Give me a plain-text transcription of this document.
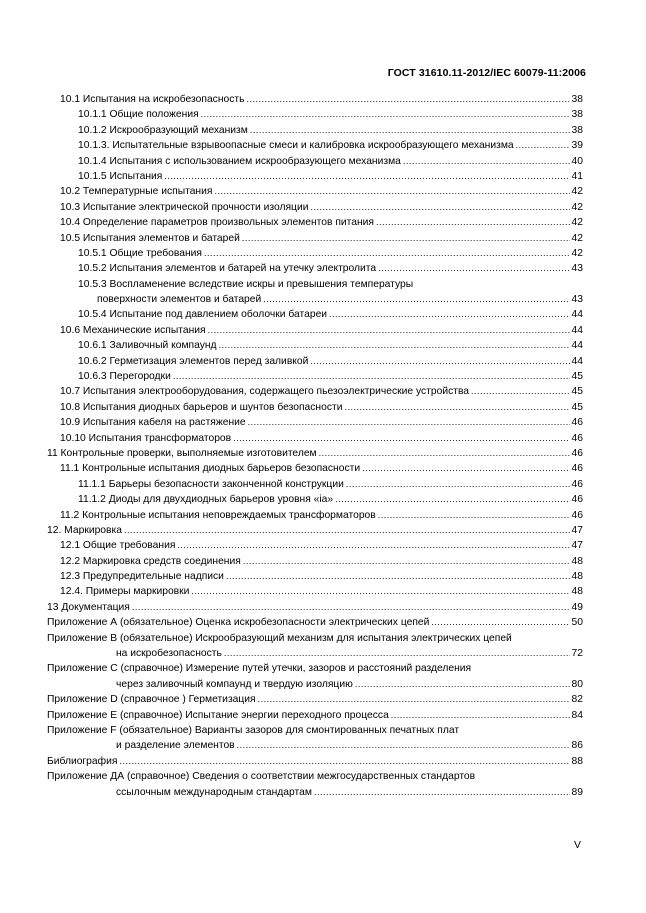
ГОСТ 31610.11-2012/IEC 60079-11:2006
10.1 Испытания на искробезопасность .....	38
10.1.1 Общие положения .....	38
10.1.2 Искрообразующий механизм .....	38
10.1.3. Испытательные взрывоопасные смеси и калибровка искрообразующего механизма .....	39
10.1.4 Испытания с использованием искрообразующего механизма .....	40
10.1.5 Испытания .....	41
10.2 Температурные испытания .....	42
10.3 Испытание электрической прочности изоляции .....	42
10.4 Определение параметров произвольных элементов питания .....	42
10.5 Испытания элементов и батарей .....	42
10.5.1 Общие требования .....	42
10.5.2 Испытания элементов и батарей на утечку электролита .....	43
10.5.3 Воспламенение вследствие искры и превышения температуры
поверхности элементов и батарей .....	43
10.5.4 Испытание под давлением оболочки батареи .....	44
10.6 Механические испытания .....	44
10.6.1 Заливочный компаунд .....	44
10.6.2 Герметизация элементов перед заливкой .....	44
10.6.3 Перегородки .....	45
10.7 Испытания электрооборудования, содержащего пьезоэлектрические устройства .....	45
10.8 Испытания диодных барьеров и шунтов безопасности .....	45
10.9 Испытания кабеля на растяжение .....	46
10.10 Испытания трансформаторов .....	46
11 Контрольные проверки, выполняемые изготовителем .....	46
11.1 Контрольные испытания диодных барьеров безопасности .....	46
11.1.1 Барьеры безопасности законченной конструкции .....	46
11.1.2 Диоды для двухдиодных барьеров уровня «ia» .....	46
11.2 Контрольные испытания неповреждаемых трансформаторов .....	46
12. Маркировка .....	47
12.1 Общие требования .....	47
12.2 Маркировка средств соединения .....	48
12.3 Предупредительные надписи .....	48
12.4. Примеры маркировки .....	48
13 Документация .....	49
Приложение А (обязательное) Оценка искробезопасности электрических цепей .....	50
Приложение В (обязательное) Искрообразующий механизм для испытания электрических цепей
на искробезопасность .....	72
Приложение С (справочное) Измерение путей утечки, зазоров и расстояний разделения
через заливочный компаунд и твердую изоляцию .....	80
Приложение D (справочное ) Герметизация .....	82
Приложение Е (справочное) Испытание энергии переходного процесса .....	84
Приложение F (обязательное) Варианты зазоров для смонтированных печатных плат
и разделение элементов .....	86
Библиография .....	88
Приложение ДА (справочное) Сведения о соответствии межгосударственных стандартов
ссылочным международным стандартам .....	89
V
